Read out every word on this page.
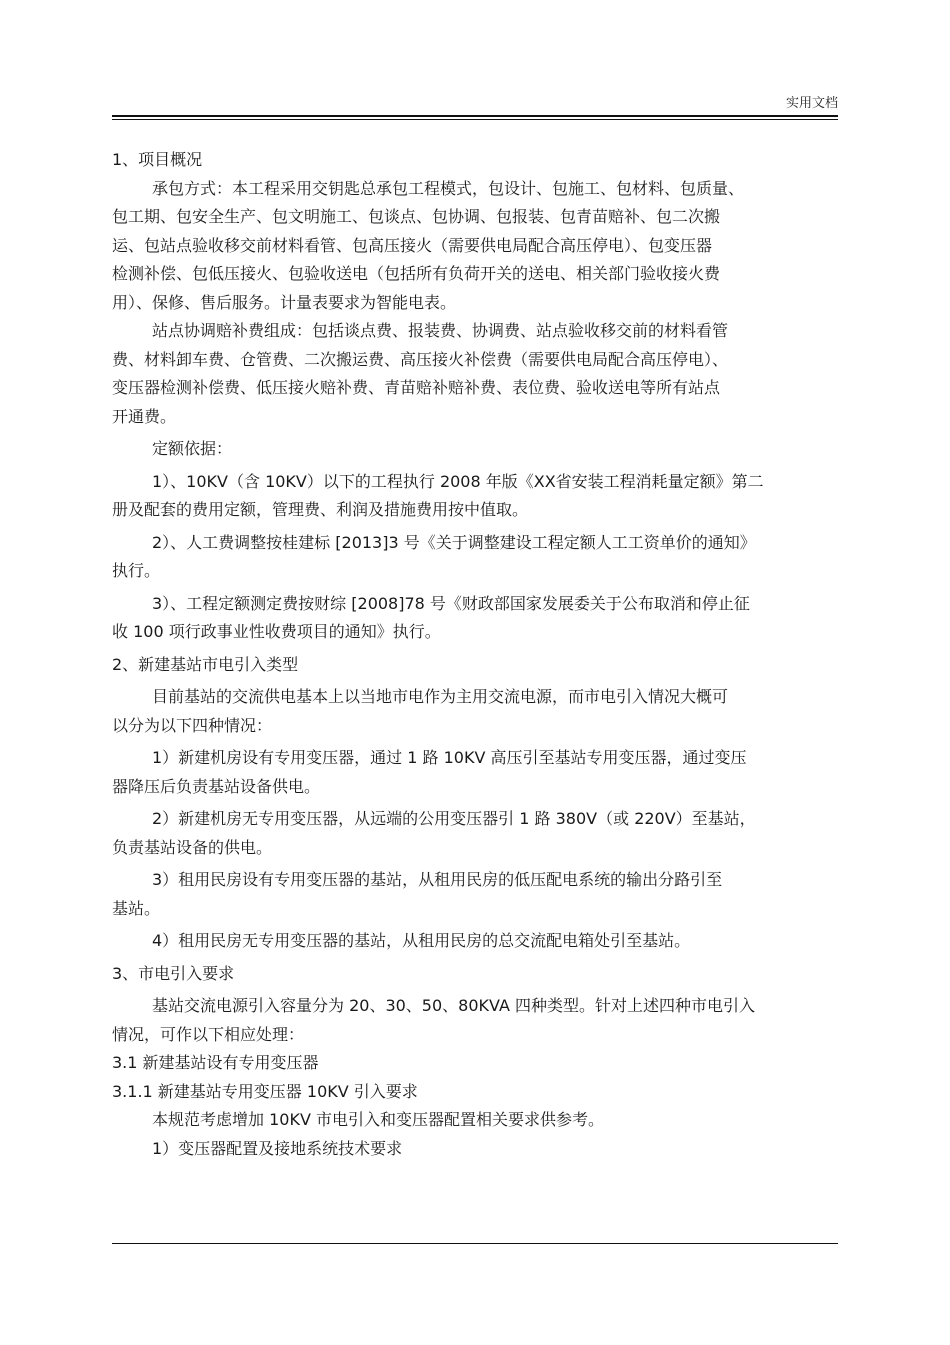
实用文档
1、项目概况
承包方式：本工程采用交钥匙总承包工程模式，包设计、包施工、包材料、包质量、
包工期、包安全生产、包文明施工、包谈点、包协调、包报装、包青苗赔补、包二次搬
运、包站点验收移交前材料看管、包高压接火（需要供电局配合高压停电）、包变压器
检测补偿、包低压接火、包验收送电（包括所有负荷开关的送电、相关部门验收接火费
用）、保修、售后服务。计量表要求为智能电表。
站点协调赔补费组成：包括谈点费、报装费、协调费、站点验收移交前的材料看管
费、材料卸车费、仓管费、二次搬运费、高压接火补偿费（需要供电局配合高压停电）、
变压器检测补偿费、低压接火赔补费、青苗赔补赔补费、表位费、验收送电等所有站点
开通费。
定额依据：
1）、10KV（含 10KV）以下的工程执行 2008 年版《XX省安装工程消耗量定额》第二
册及配套的费用定额，管理费、利润及措施费用按中值取。
2）、人工费调整按桂建标 [2013]3 号《关于调整建设工程定额人工工资单价的通知》
执行。
3）、工程定额测定费按财综 [2008]78 号《财政部国家发展委关于公布取消和停止征
收 100 项行政事业性收费项目的通知》执行。
2、新建基站市电引入类型
目前基站的交流供电基本上以当地市电作为主用交流电源，而市电引入情况大概可
以分为以下四种情况：
1）新建机房设有专用变压器，通过 1 路 10KV 高压引至基站专用变压器，通过变压
器降压后负责基站设备供电。
2）新建机房无专用变压器，从远端的公用变压器引 1 路 380V（或 220V）至基站，
负责基站设备的供电。
3）租用民房设有专用变压器的基站，从租用民房的低压配电系统的输出分路引至
基站。
4）租用民房无专用变压器的基站，从租用民房的总交流配电箱处引至基站。
3、市电引入要求
基站交流电源引入容量分为 20、30、50、80KVA 四种类型。针对上述四种市电引入
情况，可作以下相应处理：
3.1 新建基站设有专用变压器
3.1.1 新建基站专用变压器 10KV 引入要求
本规范考虑增加 10KV 市电引入和变压器配置相关要求供参考。
1）变压器配置及接地系统技术要求
